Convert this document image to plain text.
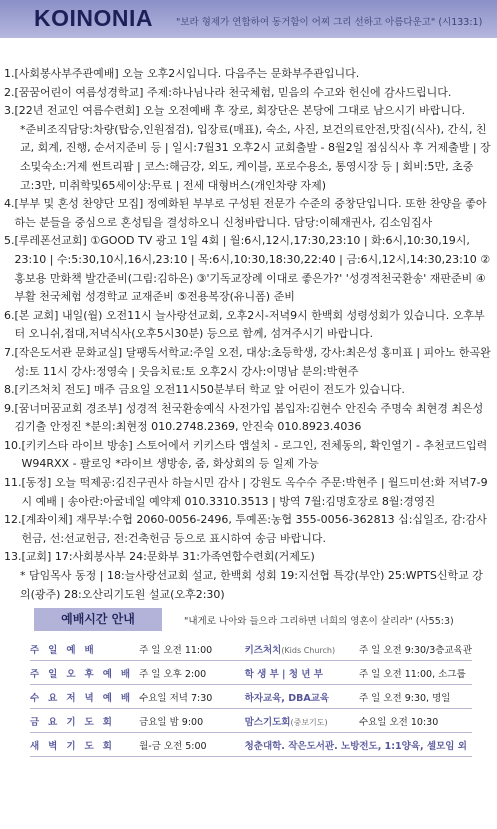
KOINONIA "보라 형제가 연합하여 동거함이 어찌 그리 선하고 아름다운고" (시133:1)
1. [사회봉사부주관예배] 오늘 오후2시입니다. 다음주는 문화부주관입니다.
2. [꿈꿈어린이 여름성경학교] 주제:하나님나라 천국체험, 믿음의 수고와 헌신에 감사드립니다.
3. [22년 전교인 여름수련회] 오늘 오전예배 후 장로, 회장단은 본당에 그대로 남으시기 바랍니다.
*준비조직담당:차량(탑승,인원점검), 입장료(매표), 숙소, 사진, 보건의료안전,맛집(식사), 간식, 친교, 회계, 진행, 순서지준비 등 | 일시:7월31 오후2시 교회출발 - 8월2일 점심식사 후 거제출발 | 장소및숙소:거제 썬트리팜 | 코스:해금강, 외도, 케이블, 포로수용소, 통영시장 등 | 회비:5만, 초중고:3만, 미취학및65세이상:무료 | 전세 대형버스(개인차량 자제)
4. [부부 및 혼성 찬양단 모집] 정예화된 부부로 구성된 전문가 수준의 중창단입니다. 또한 찬양을 좋아하는 분들을 중심으로 혼성팀을 결성하오니 신청바랍니다. 담당:이혜재권사, 김소임집사
5. [루레폰선교회] ①GOOD TV 광고 1일 4회 | 월:6시,12시,17:30,23:10 | 화:6시,10:30,19시, 23:10 | 수:5:30,10시,16시,23:10 | 목:6시,10:30,18:30,22:40 | 금:6시,12시,14:30,23:10 ②홍보용 만화책 발간준비(그림:김하은) ③'기독교장례 이대로 좋은가?' '성경적천국환송' 재판준비 ④부활 천국체험 성경학교 교재준비 ⑤전용복장(유니폼) 준비
6. [본 교회] 내일(월) 오전11시 늘사랑선교회, 오후2시-저녁9시 한백회 성령성회가 있습니다. 오후부터 오니쉬,접대,저녁식사(오후5시30분) 등으로 함께, 섬겨주시기 바랍니다.
7. [작은도서관 문화교실] 달팽독서학교:주일 오전, 대상:초등학생, 강사:최은성 홍미표 | 피아노 한곡완성:토 11시 강사:정영숙 | 웃음치료:토 오후2시 강사:이명남 분의:박현주
8. [키즈처치 전도] 매주 금요일 오전11시50분부터 학교 앞 어린이 전도가 있습니다.
9. [꿈너머꿈교회 경조부] 성경적 천국환송예식 사전가입 봄입자:김현수 안진숙 주명숙 최현경 최은성 김기출 안정진 *분의:최현정 010.2748.2369, 안진숙 010.8923.4036
10. [키키스타 라이브 방송] 스토어에서 키키스타 앱설치 - 로그인, 전체동의, 확인열기 - 추천코드입력 W94RXX - 팔로잉 *라이브 생방송, 줌, 화상회의 등 일제 가능
11. [동정] 오늘 떡제공:김진구권사 하늘시민 감사 | 강원도 옥수수 주문:박현주 | 월드미션:화 저녁7-9시 예배 | 송아란:아굴네일 예약제 010.3310.3513 | 방역 7월:김명호장로 8월:경영진
12. [계좌이체] 재무부:수협 2060-0056-2496, 투예폰:농협 355-0056-362813 십:십일조, 감:감사헌금, 선:선교헌금, 전:건축헌금 등으로 표시하여 송금 바랍니다.
13. [교회] 17:사회봉사부 24:문화부 31:가족연합수련회(거제도)
* 담임목사 동정 | 18:늘사랑선교회 설교, 한백회 성회 19:지선협 특강(부안) 25:WPTS신학교 강의(광주) 28:오산리기도원 설교(오후2:30)
예배시간 안내	"내게로 나아와 들으라 그리하면 너희의 영혼이 살리라" (사55:3)
주일예배	주 일 오전 11:00	키즈처치(Kids Church)	주 일 오전 9:30/3층교육관
주일오후예배	주 일 오후 2:00	학 생 부 | 청 년 부	주 일 오전 11:00, 소그룹
수요저녁예배	수요일 저녁 7:30	하자교육, DBA교육	주 일 오전 9:30, 명일
금요기도회	금요일 밤 9:00	맘스기도회(중보기도)	수요일 오전 10:30
새벽기도회	월-금 오전 5:00	청춘대학. 작은도서관. 노방전도, 1:1양육, 셀모임 외	
